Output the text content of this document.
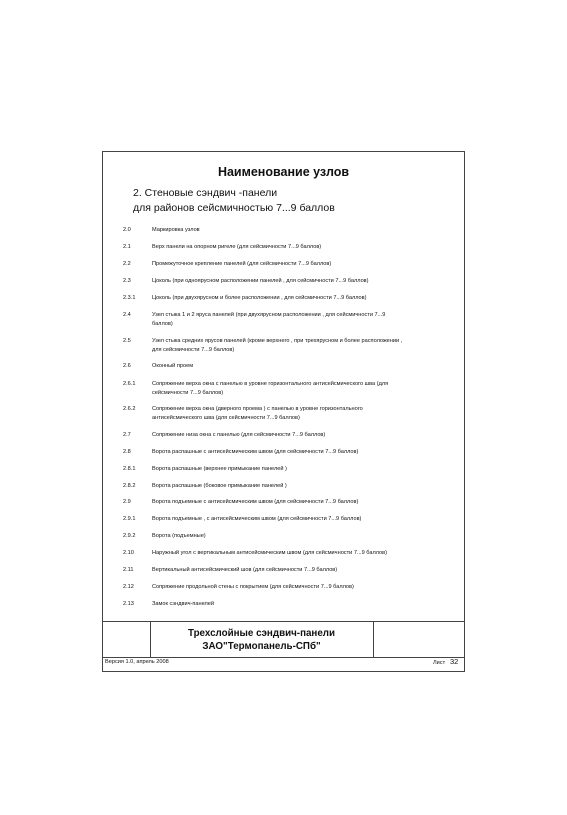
Наименование узлов
2. Стеновые сэндвич -панели
для районов сейсмичностью 7...9 баллов
2.0	Маркировка узлов
2.1	Верх панели на опорном ригеле (для сейсмичности 7...9 баллов)
2.2	Промежуточное крепление панелей (для сейсмичности 7...9 баллов)
2.3	Цоколь (при одноярусном расположении панелей , для сейсмичности 7...9 баллов)
2.3.1	Цоколь (при двухярусном и более расположении , для сейсмичности 7...9 баллов)
2.4	Узел стыка 1 и 2 яруса панелей (при двухярусном расположении , для сейсмичности 7...9
баллов)
2.5	Узел стыка средних ярусов панелей (кроме верхнего , при трехярусном и более расположении ,
для сейсмичности 7...9 баллов)
2.6	Оконный проем
2.6.1	Сопряжение верха окна с панелью в уровне горизонтального антисейсмического шва (для
сейсмичности 7...9 баллов)
2.6.2	Сопряжение верха окна (дверного проема ) с панелью в уровне горизонтального
антисейсмического шва (для сейсмичности 7...9 баллов)
2.7	Сопряжение низа окна с панелью (для сейсмичности 7...9 баллов)
2.8	Ворота распашные с антисейсмическим швом (для сейсмичности 7...9 баллов)
2.8.1	Ворота распашные (верхнее примыкание панелей )
2.8.2	Ворота распашные (боковое примыкание панелей )
2.9	Ворота подъемные с антисейсмическим швом (для сейсмичности 7...9 баллов)
2.9.1	Ворота подъемные , с антисейсмическим швом (для сейсмичности 7...9 баллов)
2.9.2	Ворота (подъемные)
2.10	Наружный угол с вертикальным антисейсмическим швом (для сейсмичности 7...9 баллов)
2.11	Вертикальный антисейсмический шов (для сейсмичности 7...9 баллов)
2.12	Сопряжение продольной стены с покрытием (для сейсмичности 7...9 баллов)
2.13	Замок сэндвич-панелей
Трехслойные сэндвич-панели
ЗАО"Термопанель-СПб"
Версия 1.0, апрель 2008	Лист 32
